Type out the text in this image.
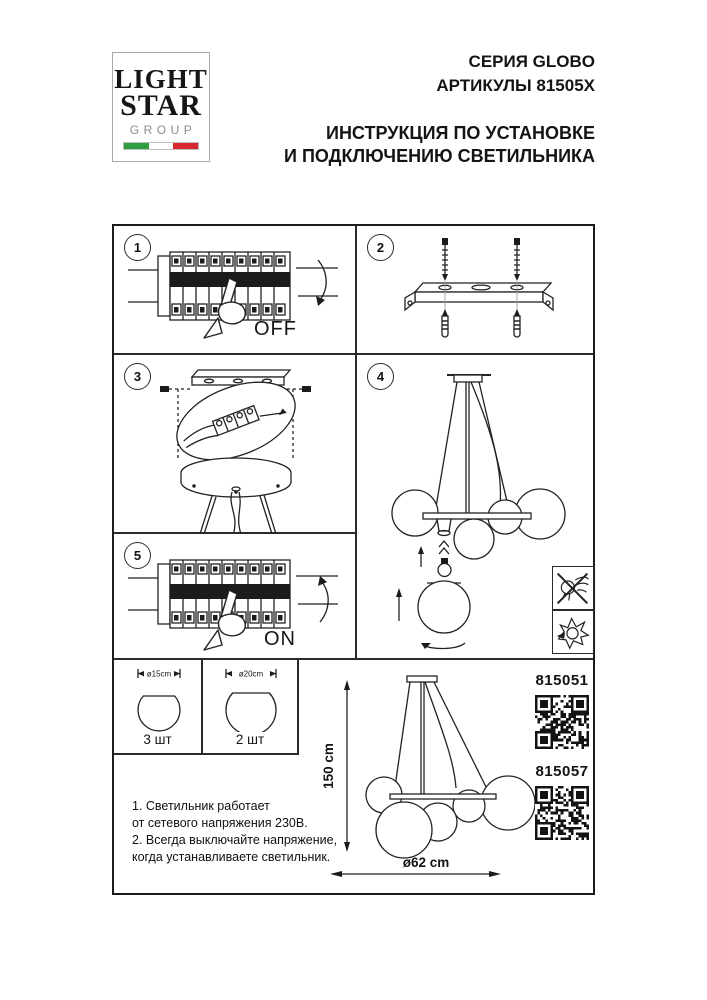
LIGHT
STAR
GROUP
СЕРИЯ GLOBO
АРТИКУЛЫ 81505X
ИНСТРУКЦИЯ ПО УСТАНОВКЕ
И ПОДКЛЮЧЕНИЮ СВЕТИЛЬНИКА
1
OFF
2
3	4
5
ON
ø15cm
3 шт
ø20cm
2 шт
1. Светильник работает
от сетевого напряжения 230В.
2. Всегда выключайте напряжение,
когда устанавливаете светильник.
150 cm
ø62 cm
815051
815057
